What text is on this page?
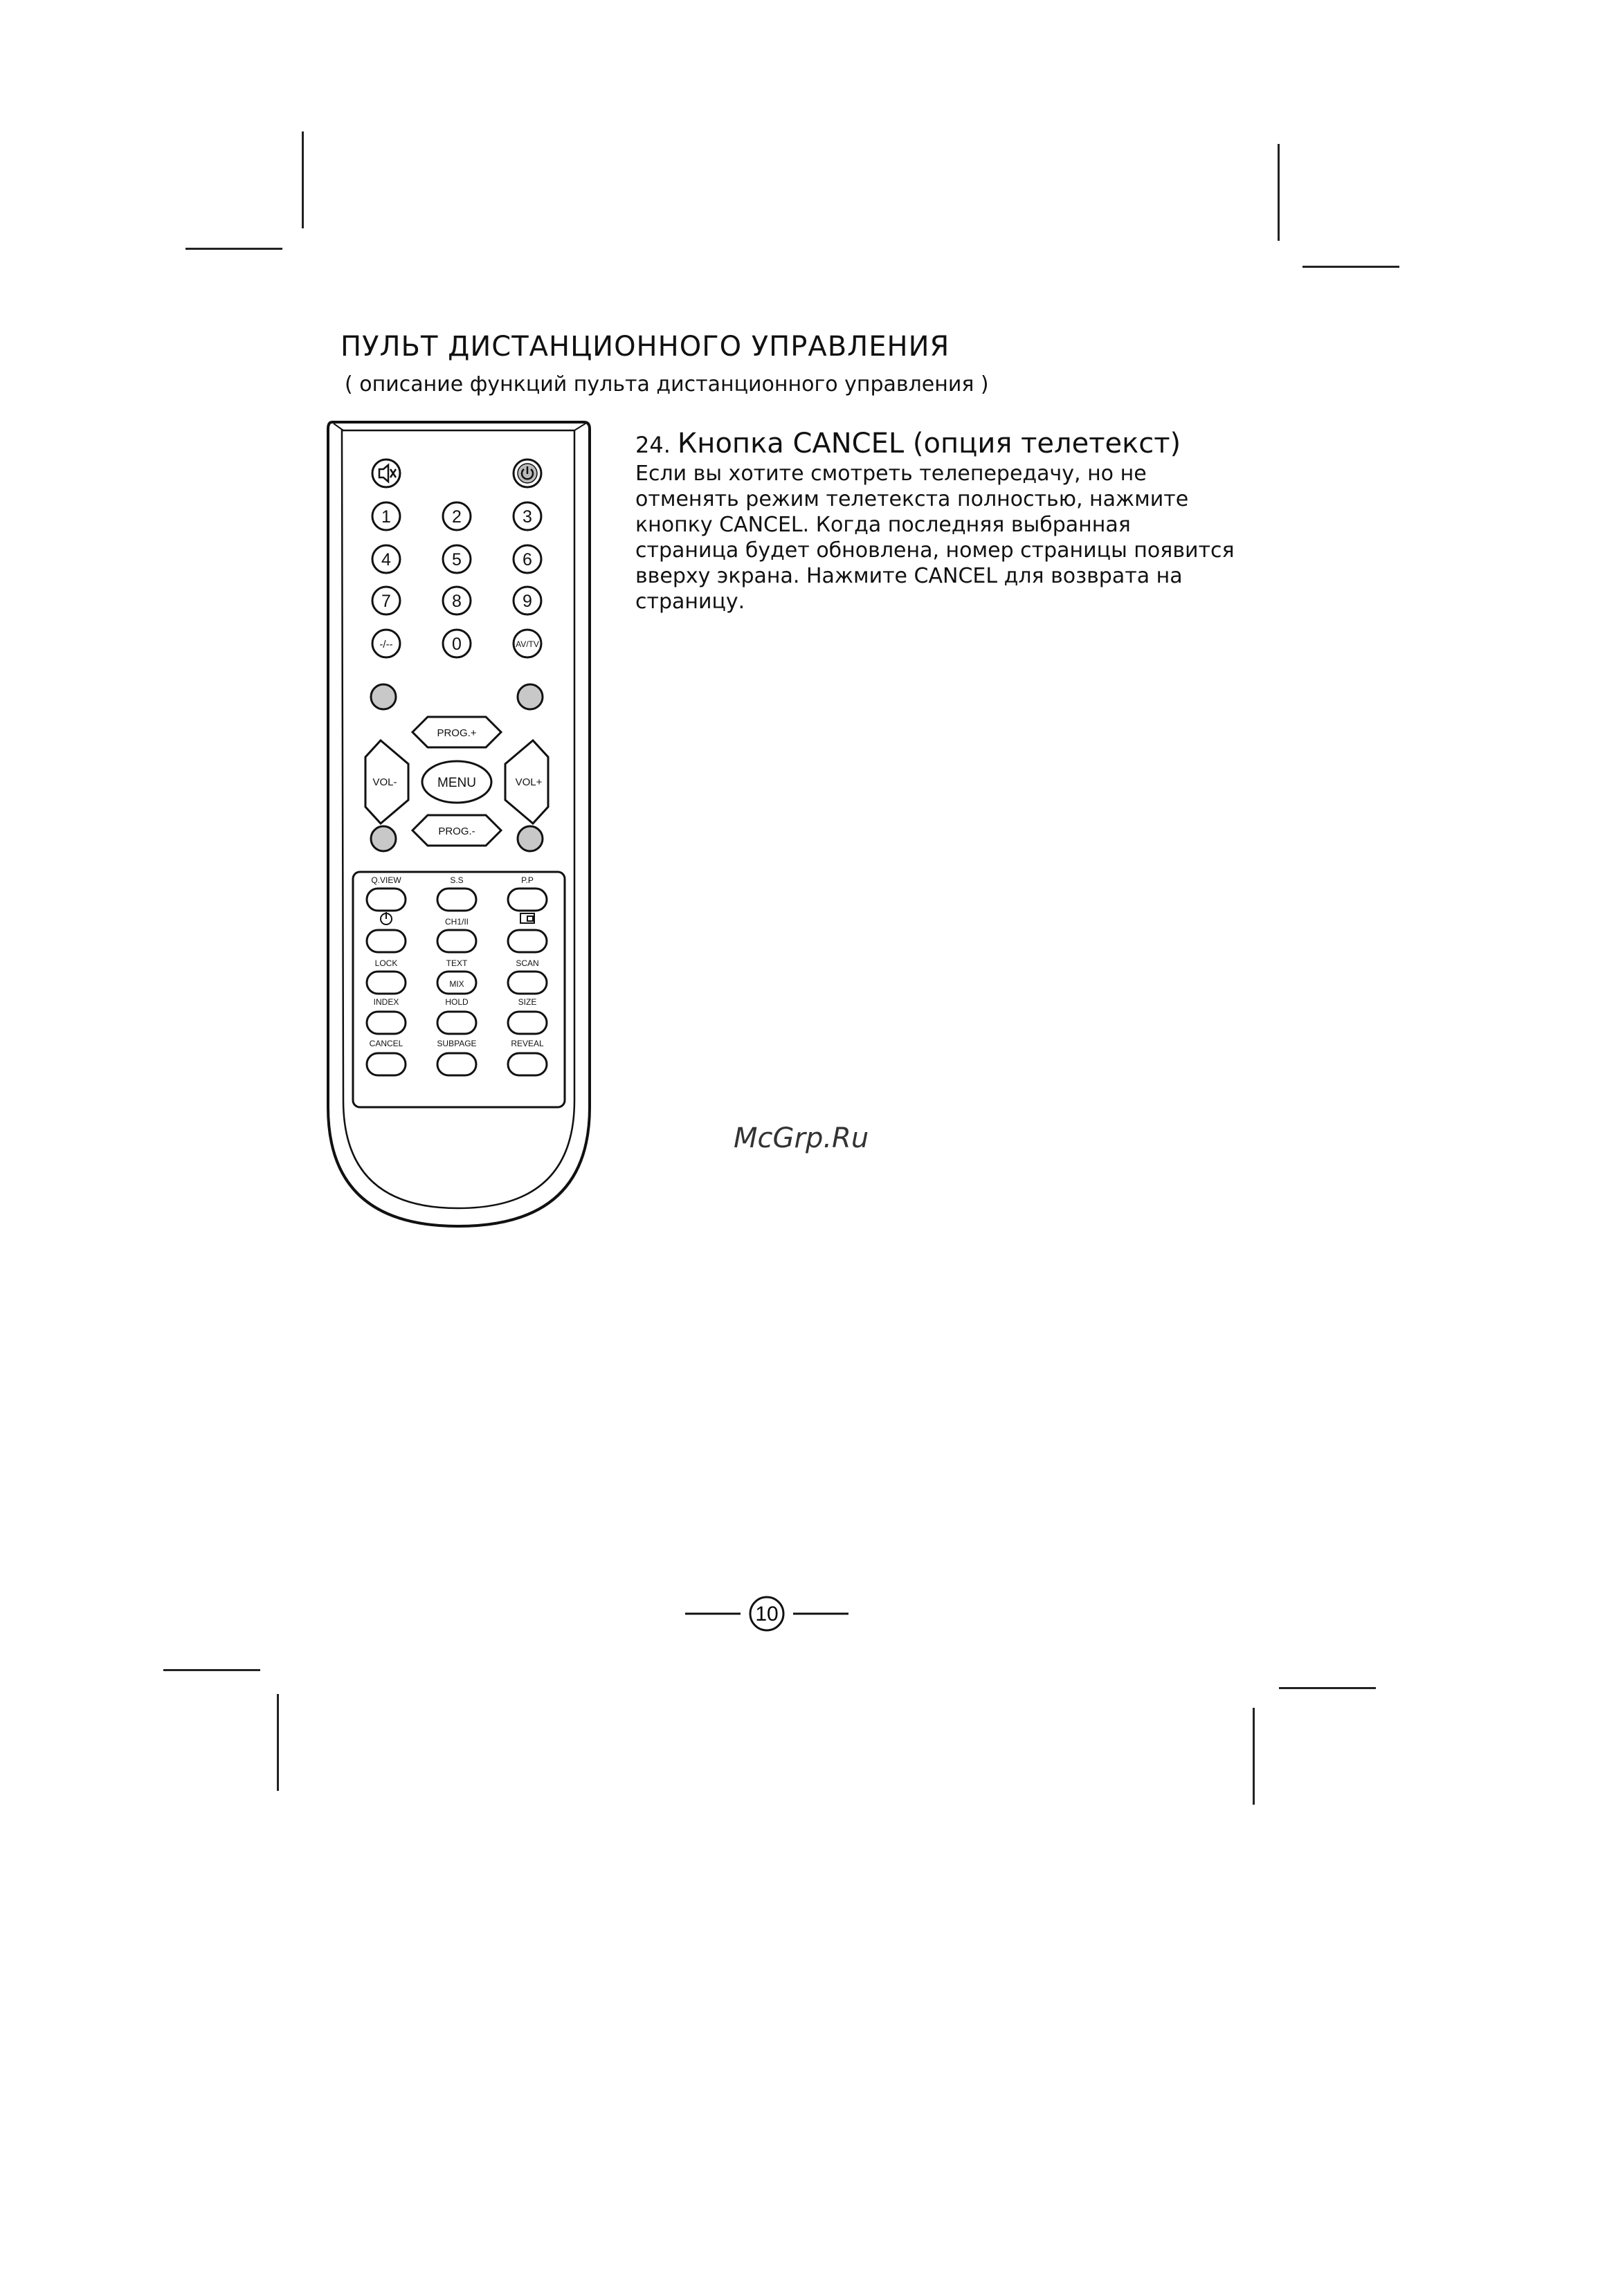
ПУЛЬТ ДИСТАНЦИОННОГО УПРАВЛЕНИЯ
( описание функций пульта дистанционного управления )
24. Кнопка CANCEL (опция телетекст)
Если вы хотите смотреть телепередачу, но не
отменять режим телетекста полностью, нажмите
кнопку CANCEL. Когда последняя выбранная
страница будет обновлена, номер страницы появится
вверху экрана. Нажмите CANCEL для возврата на
страницу.
McGrp.Ru
1	2	3
4	5	6
7	8	9
-/--	0	AV/TV
PROG.+
PROG.-
VOL-	VOL+
MENU
Q.VIEW	S.S	P.P
CH1/II
LOCK	TEXT	SCAN
INDEX	HOLD	SIZE
CANCEL	SUBPAGE	REVEAL
MIX
10
